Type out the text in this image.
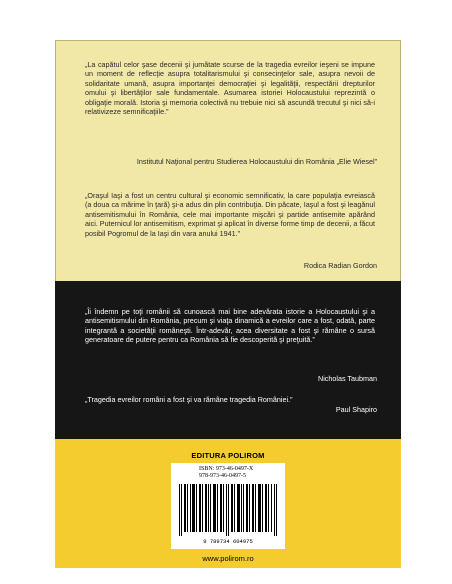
„La capătul celor şase decenii şi jumătate scurse de la tragedia evreilor ieşeni se impune un moment de reflecţie asupra totalitarismului şi consecinţelor sale, asupra nevoii de solidaritate umană, asupra importanţei democraţiei şi legalităţii, respectării drepturilor omului şi libertăţilor sale fundamentale. Asumarea istoriei Holocaustului reprezintă o obligaţie morală. Istoria şi memoria colectivă nu trebuie nici să ascundă trecutul şi nici să-i relativizeze semnificaţiile.”

Institutul Naţional pentru Studierea Holocaustului din România „Elie Wiesel”

„Oraşul Iaşi a fost un centru cultural şi economic semnificativ, la care populaţia evreiască (a doua ca mărime în ţară) şi-a adus din plin contribuţia. Din păcate, Iaşul a fost şi leagănul antisemitismului în România, cele mai importante mişcări şi partide antisemite apărând aici. Puternicul lor antisemitism, exprimat şi aplicat în diverse forme timp de decenii, a făcut posibil Pogromul de la Iaşi din vara anului 1941.”

Rodica Radian Gordon

„Îi îndemn pe toţi românii să cunoască mai bine adevărata istorie a Holocaustului şi a antisemitismului din România, precum şi viaţa dinamică a evreilor care a fost, odată, parte integrantă a societăţii româneşti. Într-adevăr, acea diversitate a fost şi rămâne o sursă generatoare de putere pentru ca România să fie descoperită şi preţuită.”

Nicholas Taubman

„Tragedia evreilor români a fost şi va rămâne tragedia României.”

Paul Shapiro

EDITURA POLIROM

ISBN: 973-46-0497-X

978-973-46-0497-5

9 789734 604975

www.polirom.ro
